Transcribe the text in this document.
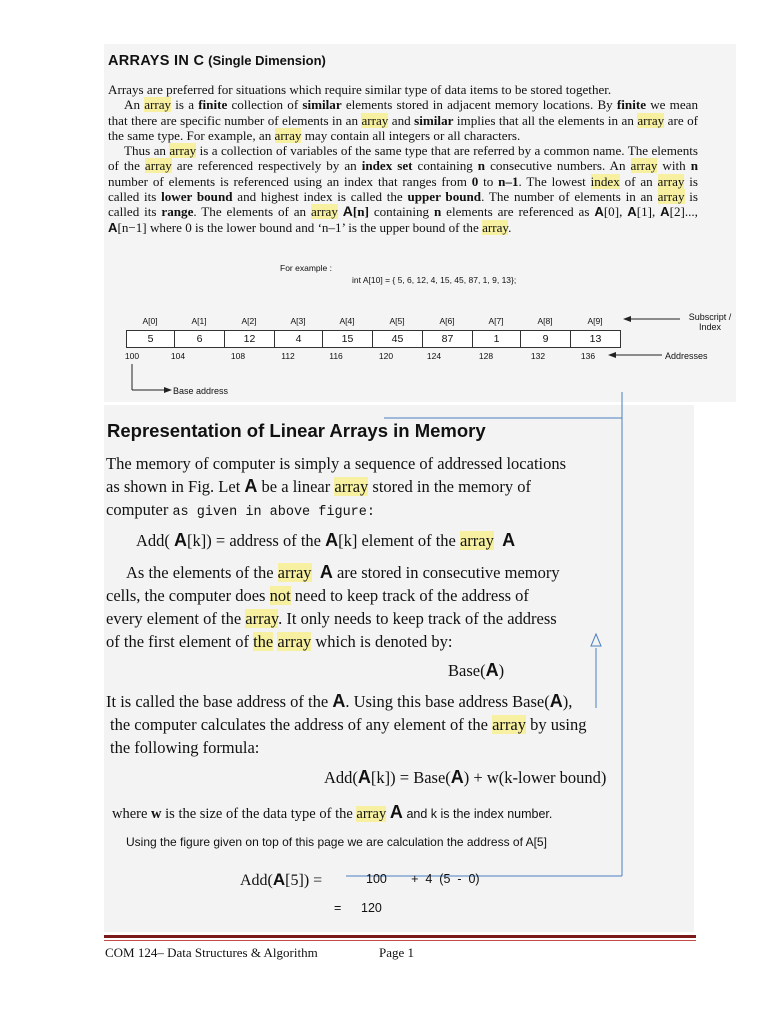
ARRAYS IN C (Single Dimension)

Arrays are preferred for situations which require similar type of data items to be stored together.

An array is a finite collection of similar elements stored in adjacent memory locations. By finite we mean that there are specific number of elements in an array and similar implies that all the elements in an array are of the same type. For example, an array may contain all integers or all characters.

Thus an array is a collection of variables of the same type that are referred by a common name. The elements of the array are referenced respectively by an index set containing n consecutive numbers. An array with n number of elements is referenced using an index that ranges from 0 to n–1. The lowest index of an array is called its lower bound and highest index is called the upper bound. The number of elements in an array is called its range. The elements of an array A[n] containing n elements are referenced as A[0], A[1], A[2]..., A[n−1] where 0 is the lower bound and ‘n–1’ is the upper bound of the array.

For example :
int A[10] = { 5, 6, 12, 4, 15, 45, 87, 1, 9, 13};
A[0]
5
100
A[1]
6
104
A[2]
12
108
A[3]
4
112
A[4]
15
116
A[5]
45
120
A[6]
87
124
A[7]
1
128
A[8]
9
132
A[9]
13
136
Subscript / Index
Addresses
Base address
Representation of Linear Arrays in Memory

The memory of computer is simply a sequence of addressed locations

as shown in Fig. Let A be a linear array stored in the memory of

computer as given in above figure:

Add( A[k]) = address of the A[k] element of the array A

As the elements of the array A are stored in consecutive memory

cells, the computer does not need to keep track of the address of

every element of the array. It only needs to keep track of the address

of the first element of the array which is denoted by:

Base(A)

It is called the base address of the A. Using this base address Base(A),

the computer calculates the address of any element of the array by using

the following formula:

Add(A[k]) = Base(A) + w(k-lower bound)
where w is the size of the data type of the array A and k is the index number.
Using the figure given on top of this page we are calculation the address of A[5]
Add(A[5]) =	100       +  4  (5  -  0)
= 120
COM 124– Data Structures & Algorithm	Page 1
